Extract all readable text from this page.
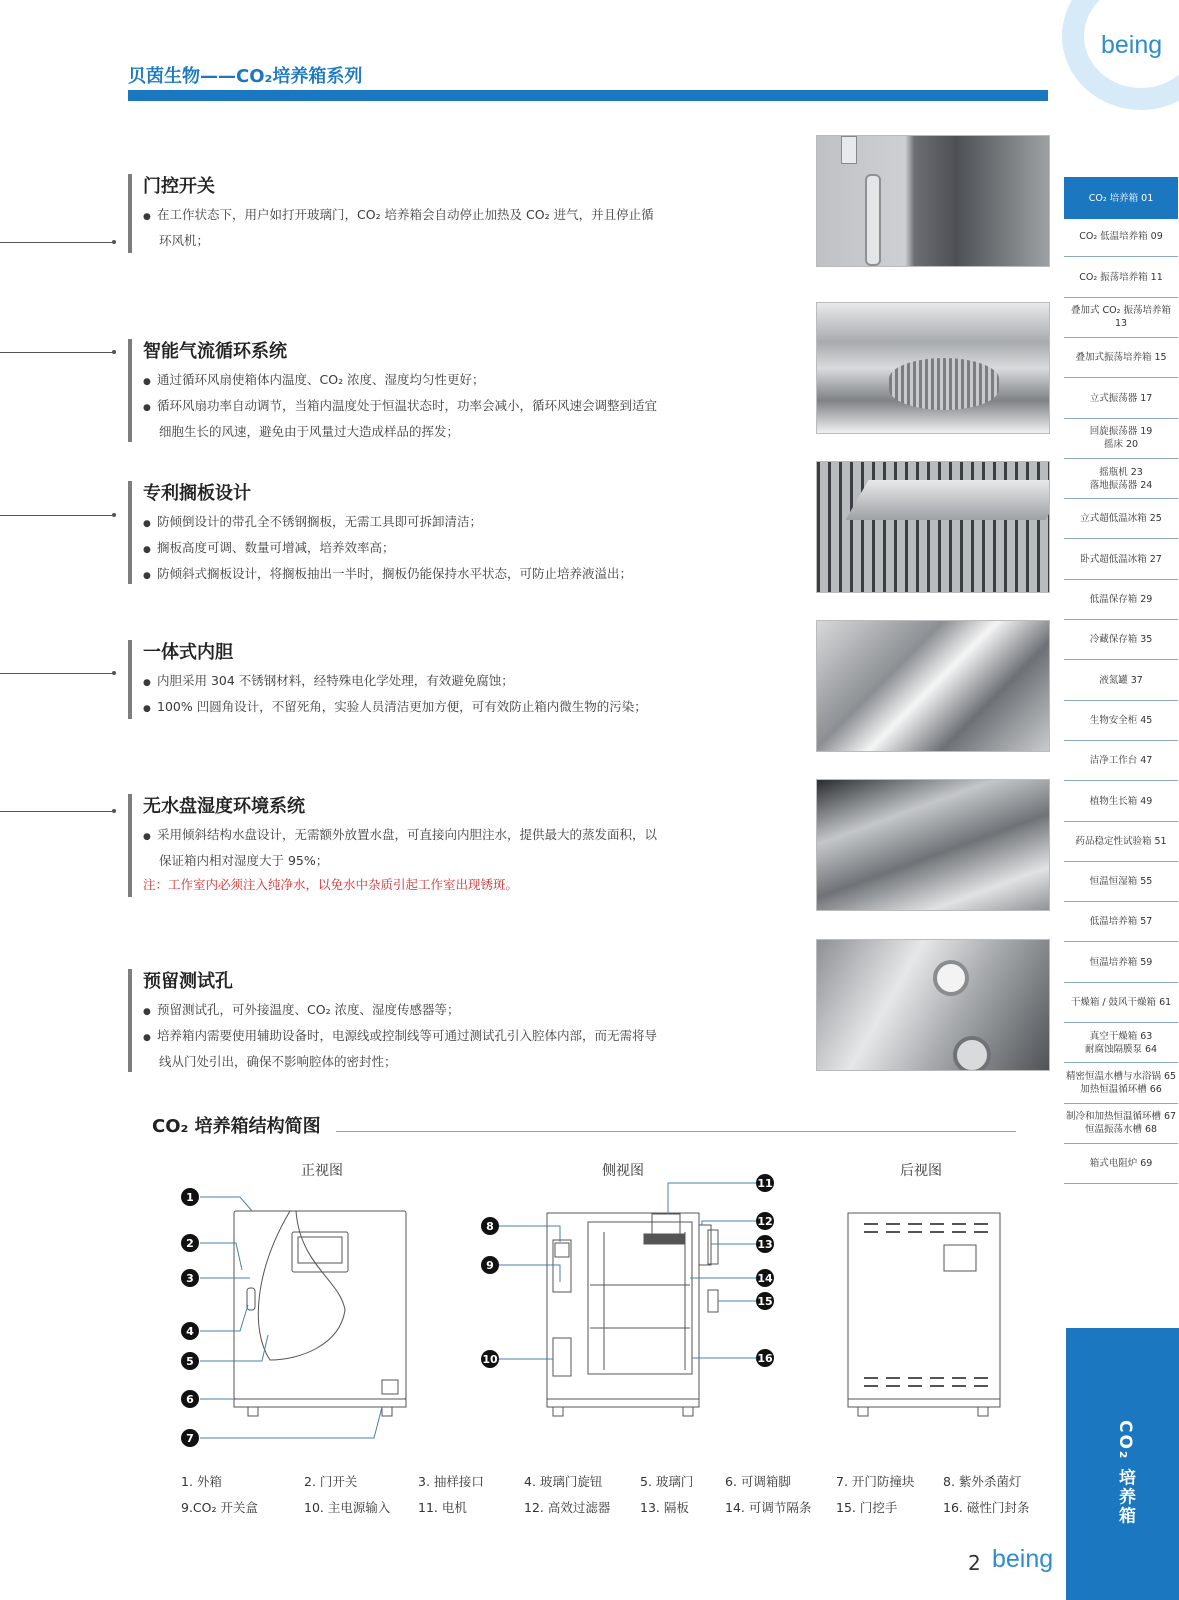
being
贝茵生物——CO₂培养箱系列
门控开关
● 在工作状态下，用户如打开玻璃门，CO₂ 培养箱会自动停止加热及 CO₂ 进气，并且停止循
环风机；
智能气流循环系统
● 通过循环风扇使箱体内温度、CO₂ 浓度、湿度均匀性更好；
● 循环风扇功率自动调节，当箱内温度处于恒温状态时，功率会减小，循环风速会调整到适宜
细胞生长的风速，避免由于风量过大造成样品的挥发；
专利搁板设计
● 防倾倒设计的带孔全不锈钢搁板，无需工具即可拆卸清洁；
● 搁板高度可调、数量可增减，培养效率高；
● 防倾斜式搁板设计，将搁板抽出一半时，搁板仍能保持水平状态，可防止培养液溢出；
一体式内胆
● 内胆采用 304 不锈钢材料，经特殊电化学处理，有效避免腐蚀；
● 100% 凹圆角设计，不留死角，实验人员清洁更加方便，可有效防止箱内微生物的污染；
无水盘湿度环境系统
● 采用倾斜结构水盘设计，无需额外放置水盘，可直接向内胆注水，提供最大的蒸发面积，以
保证箱内相对湿度大于 95%；
注：工作室内必须注入纯净水，以免水中杂质引起工作室出现锈斑。
预留测试孔
● 预留测试孔，可外接温度、CO₂ 浓度、湿度传感器等；
● 培养箱内需要使用辅助设备时，电源线或控制线等可通过测试孔引入腔体内部，而无需将导
线从门处引出，确保不影响腔体的密封性；
CO₂ 培养箱 01
CO₂ 低温培养箱 09
CO₂ 振荡培养箱 11
叠加式 CO₂ 振荡培养箱 13
叠加式振荡培养箱 15
立式振荡器 17
回旋振荡器 19
摇床 20
摇瓶机 23
落地振荡器 24
立式超低温冰箱 25
卧式超低温冰箱 27
低温保存箱 29
冷藏保存箱 35
液氮罐 37
生物安全柜 45
洁净工作台 47
植物生长箱 49
药品稳定性试验箱 51
恒温恒湿箱 55
低温培养箱 57
恒温培养箱 59
干燥箱 / 鼓风干燥箱 61
真空干燥箱 63
耐腐蚀隔膜泵 64
精密恒温水槽与水浴锅 65
加热恒温循环槽 66
制冷和加热恒温循环槽 67
恒温振荡水槽 68
箱式电阻炉 69
CO₂ 培养箱
CO₂ 培养箱结构简图
正视图	侧视图	后视图
1
2
3
4
5
6
7
8
9
10
11
12
13
14
15
16
1. 外箱	2. 门开关	3. 抽样接口	4. 玻璃门旋钮	5. 玻璃门	6. 可调箱脚	7. 开门防撞块 8. 紫外杀菌灯
9.CO₂ 开关盒	10. 主电源输入 11. 电机	12. 高效过滤器 13. 隔板	14. 可调节隔条 15. 门挖手	16. 磁性门封条
2 being
